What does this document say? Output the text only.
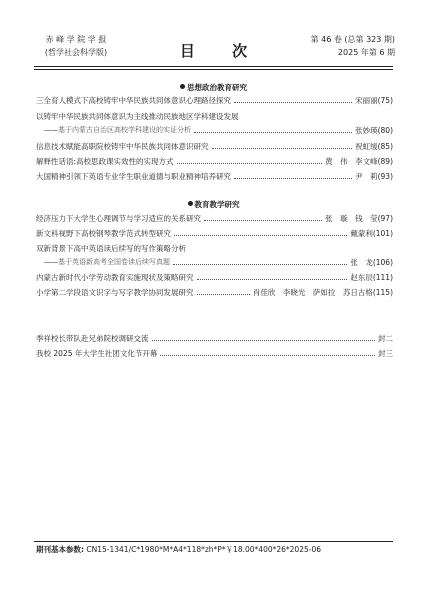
赤 峰 学 院 学 报
(哲学社会科学版)	目 次
第 46 卷 (总第 323 期)
2025 年第 6 期
思想政治教育研究
三全育人模式下高校铸牢中华民族共同体意识心理路径探究	宋丽丽(75)
以铸牢中华民族共同体意识为主线推动民族地区学科建设发展
—— 基于内蒙古自治区高校学科建设的实证分析	张妙瑛(80)
信息技术赋能高职院校铸牢中华民族共同体意识研究	祝虹缓(85)
解释性话语:高校思政课实效性的实现方式	黄　伟　李文峰(89)
大国精神引领下英语专业学生职业道德与职业精神培养研究	尹　莉(93)
教育教学研究
经济压力下大学生心理调节与学习适应的关系研究	张　璇　钱　莹(97)
新文科视野下高校钢琴教学范式转型研究	戴蒙利(101)
双新背景下高中英语读后续写的写作策略分析
—— 基于英语新高考全国卷读后续写真题	张　龙(106)
内蒙古新时代小学劳动教育实施现状及策略研究	赵东辰(111)
小学第二学段语文识字与写字教学协同发展研究	肖佳欣　李晓光　萨如拉　苏日古格(115)
季祥校长带队赴兄弟院校调研交流	封二
我校 2025 年大学生社团文化节开幕	封三
期刊基本参数: CN15-1341/C*1980*M*A4*118*zh*P*￥18.00*400*26*2025-06
